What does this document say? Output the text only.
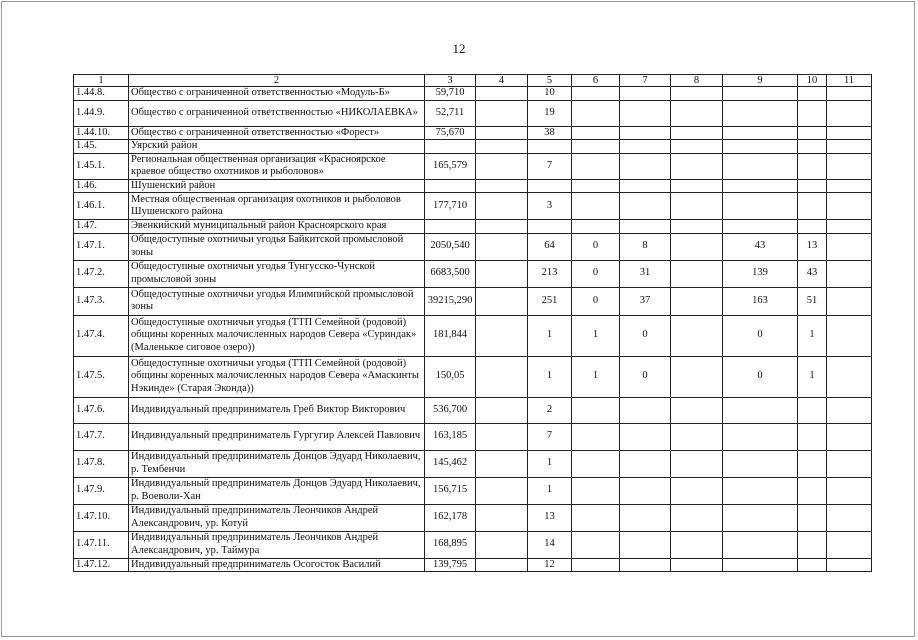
12
1	2	3	4	5	6	7	8	9	10	11
1.44.8.	Общество с ограниченной ответственностью «Модуль-Б»	59,710		10						
1.44.9.	Общество с ограниченной ответственностью «НИКОЛАЕВКА»	52,711		19						
1.44.10.	Общество с ограниченной ответственностью «Форест»	75,670		38						
1.45.	Уярский район									
1.45.1.	Региональная общественная организация «Красноярское краевое общество охотников и рыболовов»	165,579		7						
1.46.	Шушенский район									
1.46.1.	Местная общественная организация охотников и рыболовов Шушенского района	177,710		3						
1.47.	Эвенкийский муниципальный район Красноярского края									
1.47.1.	Общедоступные охотничьи угодья Байкитской промысловой зоны	2050,540		64	0	8		43	13	
1.47.2.	Общедоступные охотничьи угодья Тунгусско-Чунской промысловой зоны	6683,500		213	0	31		139	43	
1.47.3.	Общедоступные охотничьи угодья Илимпийской промысловой зоны	39215,290		251	0	37		163	51	
1.47.4.	Общедоступные охотничьи угодья (ТТП Семейной (родовой) общины коренных малочисленных народов Севера «Суриндак» (Маленькое сиговое озеро))	181,844		1	1	0		0	1	
1.47.5.	Общедоступные охотничьи угодья (ТТП Семейной (родовой) общины коренных малочисленных народов Севера «Амаскинты Нэкинде» (Старая Эконда))	150,05		1	1	0		0	1	
1.47.6.	Индивидуальный предприниматель Греб Виктор Викторович	536,700		2						
1.47.7.	Индивидуальный предприниматель Гургугир Алексей Павлович	163,185		7						
1.47.8.	Индивидуальный предприниматель Донцов Эдуард Николаевич, р. Тембенчи	145,462		1						
1.47.9.	Индивидуальный предприниматель Донцов Эдуард Николаевич, р. Воеволи-Хан	156,715		1						
1.47.10.	Индивидуальный предприниматель Леончиков Андрей Александрович, ур. Котуй	162,178		13						
1.47.11.	Индивидуальный предприниматель Леончиков Андрей Александрович, ур. Таймура	168,895		14						
1.47.12.	Индивидуальный предприниматель Осогосток Василий	139,795		12						
